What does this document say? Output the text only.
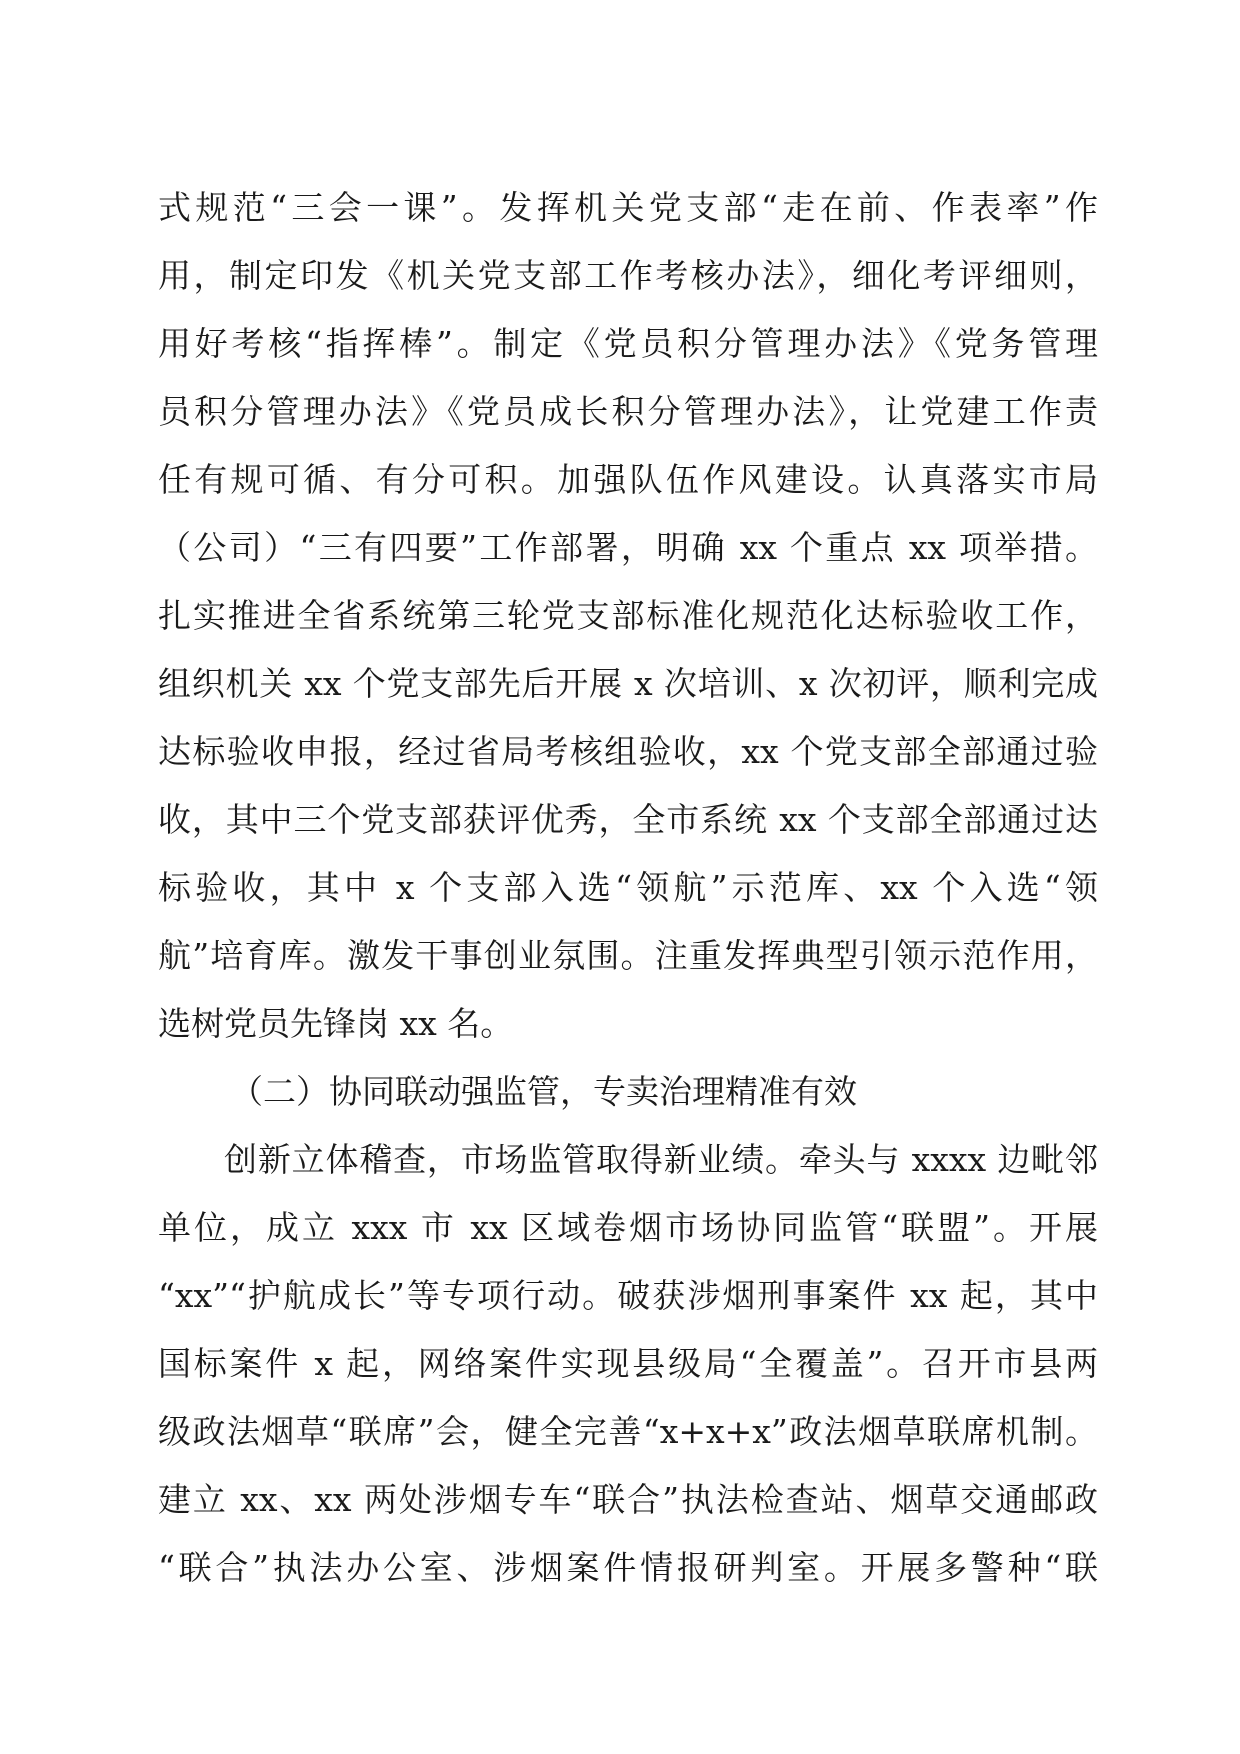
式规范“三会一课”。发挥机关党支部“走在前、作表率”作
用，制定印发《机关党支部工作考核办法》，细化考评细则，
用好考核“指挥棒”。制定《党员积分管理办法》《党务管理
员积分管理办法》《党员成长积分管理办法》，让党建工作责
任有规可循、有分可积。加强队伍作风建设。认真落实市局
（公司）“三有四要”工作部署，明确 xx 个重点 xx 项举措。
扎实推进全省系统第三轮党支部标准化规范化达标验收工作，
组织机关 xx 个党支部先后开展 x 次培训、x 次初评，顺利完成
达标验收申报，经过省局考核组验收，xx 个党支部全部通过验
收，其中三个党支部获评优秀，全市系统 xx 个支部全部通过达
标验收，其中 x 个支部入选“领航”示范库、xx 个入选“领
航”培育库。激发干事创业氛围。注重发挥典型引领示范作用，
选树党员先锋岗 xx 名。
（二）协同联动强监管，专卖治理精准有效
创新立体稽查，市场监管取得新业绩。牵头与 xxxx 边毗邻
单位，成立 xxx 市 xx 区域卷烟市场协同监管“联盟”。开展
“xx”“护航成长”等专项行动。破获涉烟刑事案件 xx 起，其中
国标案件 x 起，网络案件实现县级局“全覆盖”。召开市县两
级政法烟草“联席”会，健全完善“x+x+x”政法烟草联席机制。
建立 xx、xx 两处涉烟专车“联合”执法检查站、烟草交通邮政
“联合”执法办公室、涉烟案件情报研判室。开展多警种“联
